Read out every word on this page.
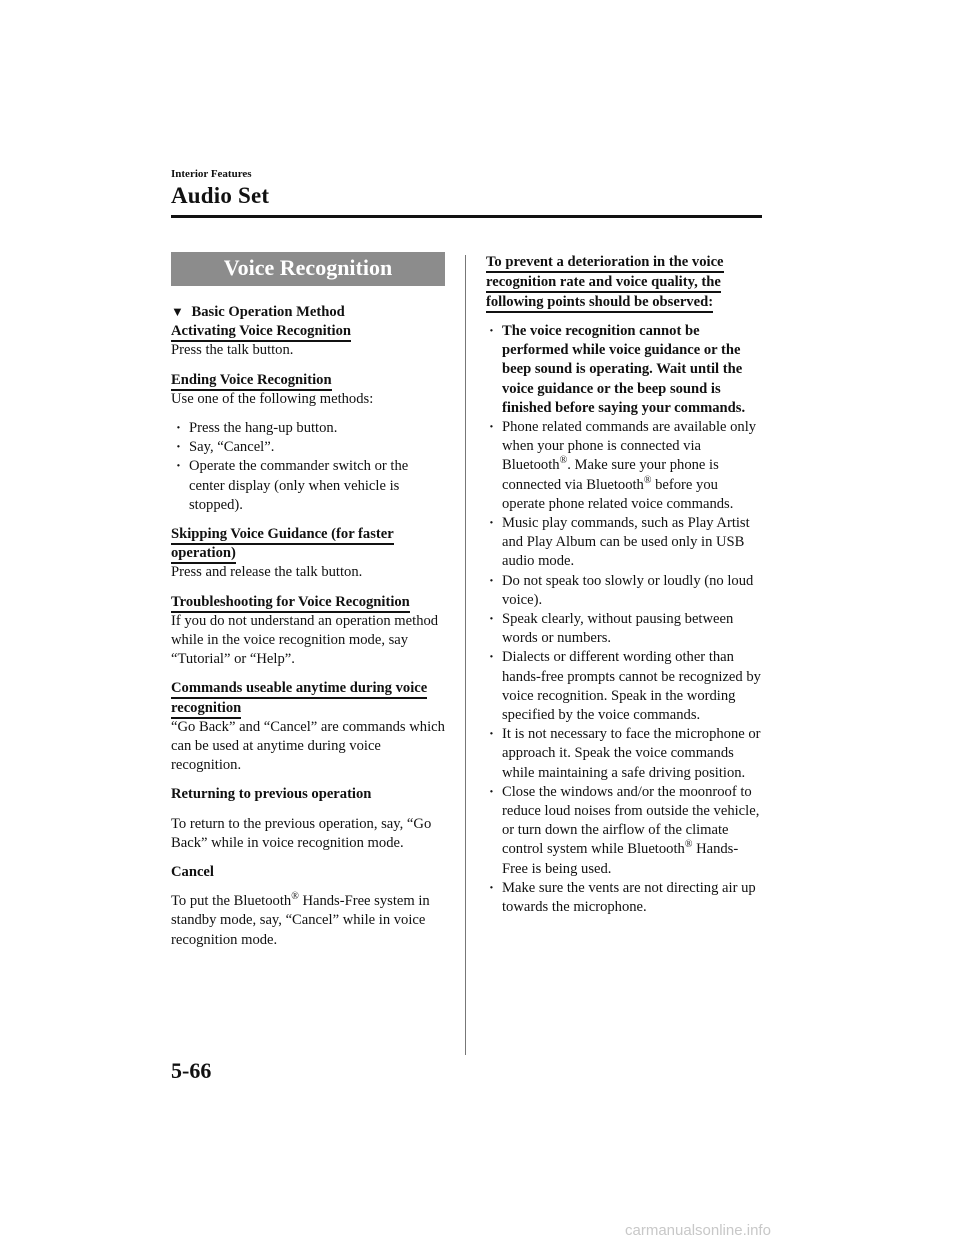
Interior Features
Audio Set
Voice Recognition

▼ Basic Operation Method

Activating Voice Recognition

Press the talk button.

Ending Voice Recognition

Use one of the following methods:

· Press the hang-up button.
· Say, “Cancel”.
· Operate the commander switch or the center display (only when vehicle is stopped).

Skipping Voice Guidance (for faster operation)

Press and release the talk button.

Troubleshooting for Voice Recognition

If you do not understand an operation method while in the voice recognition mode, say “Tutorial” or “Help”.

Commands useable anytime during voice recognition

“Go Back” and “Cancel” are commands which can be used at anytime during voice recognition.

Returning to previous operation

To return to the previous operation, say, “Go Back” while in voice recognition mode.

Cancel

To put the Bluetooth® Hands-Free system in standby mode, say, “Cancel” while in voice recognition mode.

To prevent a deterioration in the voice recognition rate and voice quality, the following points should be observed:

· The voice recognition cannot be performed while voice guidance or the beep sound is operating. Wait until the voice guidance or the beep sound is finished before saying your commands.
· Phone related commands are available only when your phone is connected via Bluetooth®. Make sure your phone is connected via Bluetooth® before you operate phone related voice commands.
· Music play commands, such as Play Artist and Play Album can be used only in USB audio mode.
· Do not speak too slowly or loudly (no loud voice).
· Speak clearly, without pausing between words or numbers.
· Dialects or different wording other than hands-free prompts cannot be recognized by voice recognition. Speak in the wording specified by the voice commands.
· It is not necessary to face the microphone or approach it. Speak the voice commands while maintaining a safe driving position.
· Close the windows and/or the moonroof to reduce loud noises from outside the vehicle, or turn down the airflow of the climate control system while Bluetooth® Hands-Free is being used.
· Make sure the vents are not directing air up towards the microphone.
5-66
carmanualsonline.info
